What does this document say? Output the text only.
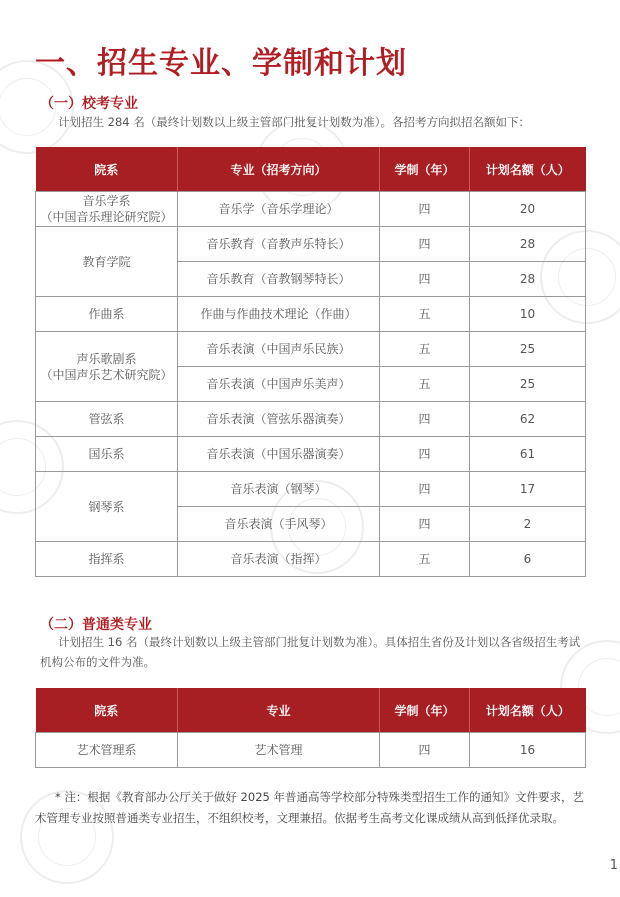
一、招生专业、学制和计划
（一）校考专业

计划招生 284 名（最终计划数以上级主管部门批复计划数为准）。各招考方向拟招名额如下：

院系	专业（招考方向）	学制（年）	计划名额（人）

音乐学系
（中国音乐理论研究院）	音乐学（音乐学理论）	四	20

教育学院	音乐教育（音教声乐特长）	四	28
	音乐教育（音教钢琴特长）	四	28

作曲系	作曲与作曲技术理论（作曲）	五	10

声乐歌剧系
（中国声乐艺术研究院）	音乐表演（中国声乐民族）	五	25
	音乐表演（中国声乐美声）	五	25

管弦系	音乐表演（管弦乐器演奏）	四	62

国乐系	音乐表演（中国乐器演奏）	四	61

钢琴系	音乐表演（钢琴）	四	17
	音乐表演（手风琴）	四	2

指挥系	音乐表演（指挥）	五	6
（二）普通类专业

计划招生 16 名（最终计划数以上级主管部门批复计划数为准）。具体招生省份及计划以各省级招生考试机构公布的文件为准。

院系	专业	学制（年）	计划名额（人）

艺术管理系	艺术管理	四	16

* 注：根据《教育部办公厅关于做好 2025 年普通高等学校部分特殊类型招生工作的通知》文件要求，艺术管理专业按照普通类专业招生，不组织校考，文理兼招。依据考生高考文化课成绩从高到低择优录取。

1
